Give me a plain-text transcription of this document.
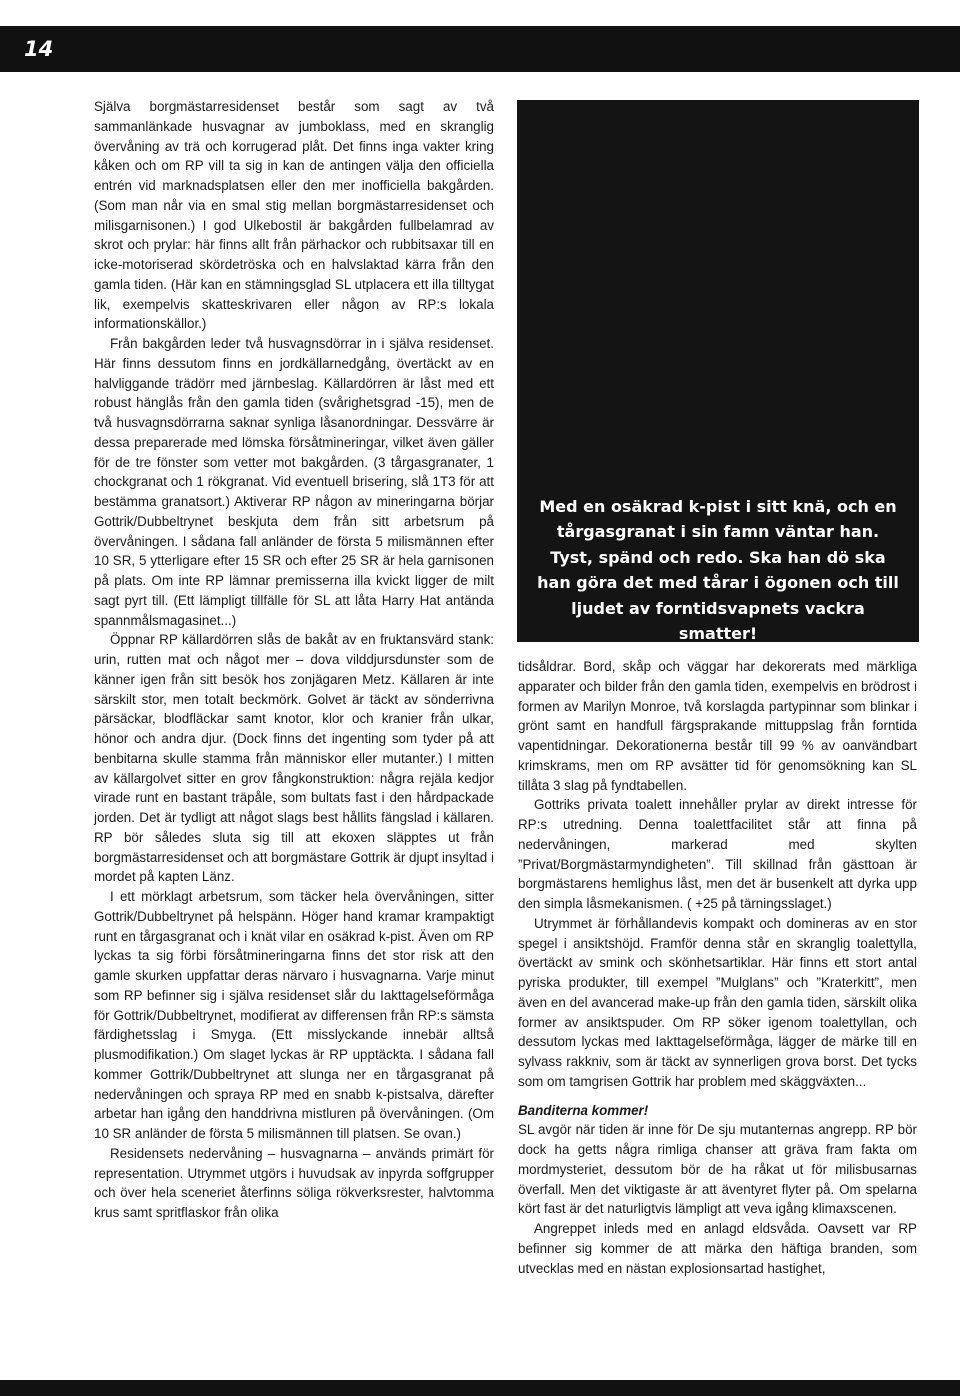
14

Själva borgmästarresidenset består som sagt av två sammanlänkade husvagnar av jumboklass, med en skranglig övervåning av trä och korrugerad plåt. Det finns inga vakter kring kåken och om RP vill ta sig in kan de antingen välja den officiella entrén vid marknadsplatsen eller den mer inofficiella bakgården. (Som man når via en smal stig mellan borgmästarresidenset och milisgarnisonen.) I god Ulkebostil är bakgården fullbelamrad av skrot och prylar: här finns allt från pärhackor och rubbitsaxar till en icke-motoriserad skördetröska och en halvslaktad kärra från den gamla tiden. (Här kan en stämningsglad SL utplacera ett illa tilltygat lik, exempelvis skatteskrivaren eller någon av RP:s lokala informationskällor.)

Från bakgården leder två husvagnsdörrar in i själva residenset. Här finns dessutom finns en jordkällarnedgång, övertäckt av en halvliggande trädörr med järnbeslag. Källardörren är låst med ett robust hänglås från den gamla tiden (svårighetsgrad -15), men de två husvagnsdörrarna saknar synliga låsanordningar. Dessvärre är dessa preparerade med lömska försåtmineringar, vilket även gäller för de tre fönster som vetter mot bakgården. (3 tårgasgranater, 1 chockgranat och 1 rökgranat. Vid eventuell brisering, slå 1T3 för att bestämma granatsort.) Aktiverar RP någon av mineringarna börjar Gottrik/Dubbeltrynet beskjuta dem från sitt arbetsrum på övervåningen. I sådana fall anländer de första 5 milismännen efter 10 SR, 5 ytterligare efter 15 SR och efter 25 SR är hela garnisonen på plats. Om inte RP lämnar premisserna illa kvickt ligger de milt sagt pyrt till. (Ett lämpligt tillfälle för SL att låta Harry Hat antända spannmålsmagasinet...)

Öppnar RP källardörren slås de bakåt av en fruktansvärd stank: urin, rutten mat och något mer – dova vilddjursdunster som de känner igen från sitt besök hos zonjägaren Metz. Källaren är inte särskilt stor, men totalt beckmörk. Golvet är täckt av sönderrivna pärsäckar, blodfläckar samt knotor, klor och kranier från ulkar, hönor och andra djur. (Dock finns det ingenting som tyder på att benbitarna skulle stamma från människor eller mutanter.) I mitten av källargolvet sitter en grov fångkonstruktion: några rejäla kedjor virade runt en bastant träpåle, som bultats fast i den hårdpackade jorden. Det är tydligt att något slags best hållits fängslad i källaren. RP bör således sluta sig till att ekoxen släpptes ut från borgmästarresidenset och att borgmästare Gottrik är djupt insyltad i mordet på kapten Länz.

I ett mörklagt arbetsrum, som täcker hela övervåningen, sitter Gottrik/Dubbeltrynet på helspänn. Höger hand kramar krampaktigt runt en tårgasgranat och i knät vilar en osäkrad k-pist. Även om RP lyckas ta sig förbi försåtmineringarna finns det stor risk att den gamle skurken uppfattar deras närvaro i husvagnarna. Varje minut som RP befinner sig i själva residenset slår du Iakttagelseförmåga för Gottrik/Dubbeltrynet, modifierat av differensen från RP:s sämsta färdighetsslag i Smyga. (Ett misslyckande innebär alltså plusmodifikation.) Om slaget lyckas är RP upptäckta. I sådana fall kommer Gottrik/Dubbeltrynet att slunga ner en tårgasgranat på nedervåningen och spraya RP med en snabb k-pistsalva, därefter arbetar han igång den handdrivna mistluren på övervåningen. (Om 10 SR anländer de första 5 milismännen till platsen. Se ovan.)

Residensets nedervåning – husvagnarna – används primärt för representation. Utrymmet utgörs i huvudsak av inpyrda soffgrupper och över hela sceneriet återfinns söliga rökverksrester, halvtomma krus samt spritflaskor från olika

Med en osäkrad k-pist i sitt knä, och en tårgasgranat i sin famn väntar han. Tyst, spänd och redo. Ska han dö ska han göra det med tårar i ögonen och till ljudet av forntidsvapnets vackra smatter!

tidsåldrar. Bord, skåp och väggar har dekorerats med märkliga apparater och bilder från den gamla tiden, exempelvis en brödrost i formen av Marilyn Monroe, två korslagda partypinnar som blinkar i grönt samt en handfull färgsprakande mittuppslag från forntida vapentidningar. Dekorationerna består till 99 % av oanvändbart krimskrams, men om RP avsätter tid för genomsökning kan SL tillåta 3 slag på fyndtabellen.

Gottriks privata toalett innehåller prylar av direkt intresse för RP:s utredning. Denna toalettfacilitet står att finna på nedervåningen, markerad med skylten ”Privat/Borgmästarmyndigheten”. Till skillnad från gästtoan är borgmästarens hemlighus låst, men det är busenkelt att dyrka upp den simpla låsmekanismen. ( +25 på tärningsslaget.)

Utrymmet är förhållandevis kompakt och domineras av en stor spegel i ansiktshöjd. Framför denna står en skranglig toalettylla, övertäckt av smink och skönhetsartiklar. Här finns ett stort antal pyriska produkter, till exempel ”Mulglans” och ”Kraterkitt”, men även en del avancerad make-up från den gamla tiden, särskilt olika former av ansiktspuder. Om RP söker igenom toalettyllan, och dessutom lyckas med Iakttagelseförmåga, lägger de märke till en sylvass rakkniv, som är täckt av synnerligen grova borst. Det tycks som om tamgrisen Gottrik har problem med skäggväxten...

Banditerna kommer!

SL avgör när tiden är inne för De sju mutanternas angrepp. RP bör dock ha getts några rimliga chanser att gräva fram fakta om mordmysteriet, dessutom bör de ha råkat ut för milisbusarnas överfall. Men det viktigaste är att äventyret flyter på. Om spelarna kört fast är det naturligtvis lämpligt att veva igång klimaxscenen.

Angreppet inleds med en anlagd eldsvåda. Oavsett var RP befinner sig kommer de att märka den häftiga branden, som utvecklas med en nästan explosionsartad hastighet,
